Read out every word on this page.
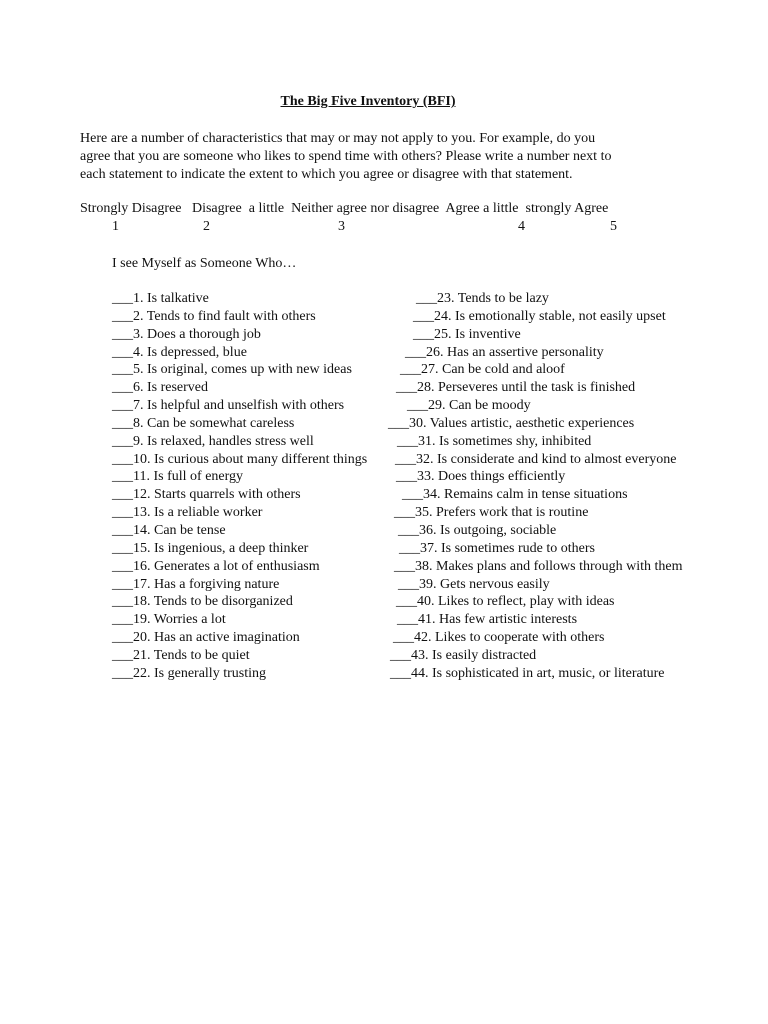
The Big Five Inventory (BFI)
Here are a number of characteristics that may or may not apply to you. For example, do you
agree that you are someone who likes to spend time with others? Please write a number next to
each statement to indicate the extent to which you agree or disagree with that statement.
Strongly Disagree   Disagree  a little  Neither agree nor disagree  Agree a little  strongly Agree
1	2	3	4	5
I see Myself as Someone Who…
___1. Is talkative
___2. Tends to find fault with others
___3. Does a thorough job
___4. Is depressed, blue
___5. Is original, comes up with new ideas
___6. Is reserved
___7. Is helpful and unselfish with others
___8. Can be somewhat careless
___9. Is relaxed, handles stress well
___10. Is curious about many different things
___11. Is full of energy
___12. Starts quarrels with others
___13. Is a reliable worker
___14. Can be tense
___15. Is ingenious, a deep thinker
___16. Generates a lot of enthusiasm
___17. Has a forgiving nature
___18. Tends to be disorganized
___19. Worries a lot
___20. Has an active imagination
___21. Tends to be quiet
___22. Is generally trusting
___23. Tends to be lazy
___24. Is emotionally stable, not easily upset
___25. Is inventive
___26. Has an assertive personality
___27. Can be cold and aloof
___28. Perseveres until the task is finished
___29. Can be moody
___30. Values artistic, aesthetic experiences
___31. Is sometimes shy, inhibited
___32. Is considerate and kind to almost everyone
___33. Does things efficiently
___34. Remains calm in tense situations
___35. Prefers work that is routine
___36. Is outgoing, sociable
___37. Is sometimes rude to others
___38. Makes plans and follows through with them
___39. Gets nervous easily
___40. Likes to reflect, play with ideas
___41. Has few artistic interests
___42. Likes to cooperate with others
___43. Is easily distracted
___44. Is sophisticated in art, music, or literature
